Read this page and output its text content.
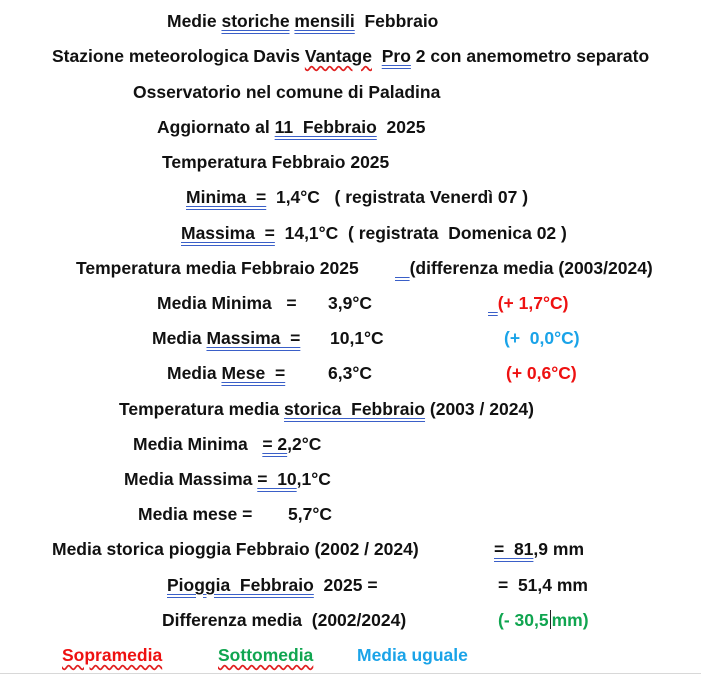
Medie storiche mensili Febbraio
Stazione meteorologica Davis Vantage Pro 2 con anemometro separato
Osservatorio nel comune di Paladina
Aggiornato al 11  Febbraio  2025
Temperatura Febbraio 2025
Minima  =  1,4°C   ( registrata Venerdì 07 )
Massima  =  14,1°C  ( registrata  Domenica 02 )
Temperatura media Febbraio 2025	(differenza media (2003/2024)
Media Minima   = 3,9°C	(+ 1,7°C)
Media Massima  = 10,1°C	(+  0,0°C)
Media Mese  = 6,3°C	(+ 0,6°C)
Temperatura media storica  Febbraio (2003 / 2024)
Media Minima   = 2,2°C
Media Massima =  10,1°C
Media mese = 5,7°C
Media storica pioggia Febbraio (2002 / 2024)	=  81,9 mm
Pioggia  Febbraio  2025 =	=  51,4 mm
Differenza media  (2002/2024)	(- 30,5 mm)
Sopramedia	Sottomedia Media uguale
